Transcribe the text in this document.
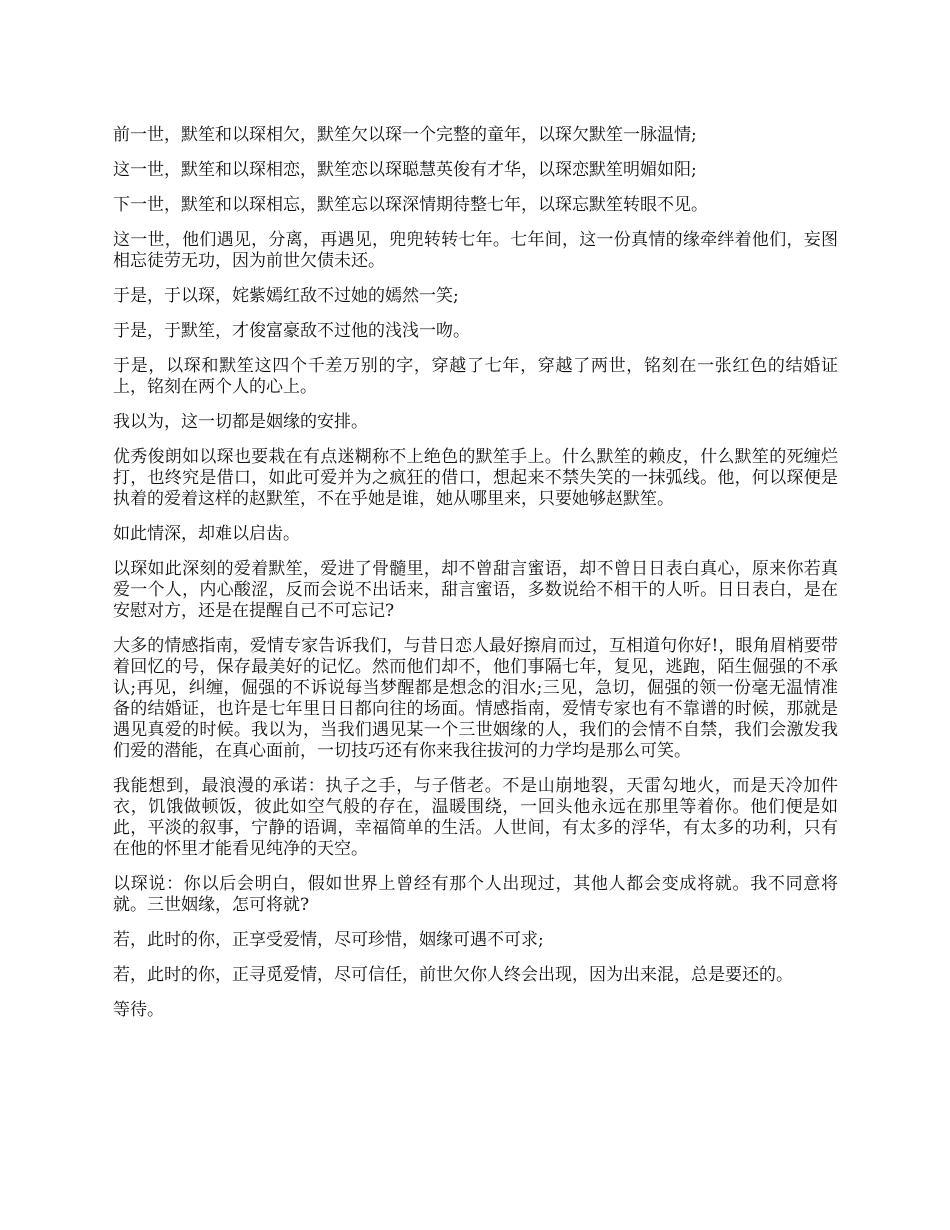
前一世，默笙和以琛相欠，默笙欠以琛一个完整的童年，以琛欠默笙一脉温情;

这一世，默笙和以琛相恋，默笙恋以琛聪慧英俊有才华，以琛恋默笙明媚如阳;

下一世，默笙和以琛相忘，默笙忘以琛深情期待整七年，以琛忘默笙转眼不见。

这一世，他们遇见，分离，再遇见，兜兜转转七年。七年间，这一份真情的缘牵绊着他们，妄图相忘徒劳无功，因为前世欠债未还。

于是，于以琛，姹紫嫣红敌不过她的嫣然一笑;

于是，于默笙，才俊富豪敌不过他的浅浅一吻。

于是，以琛和默笙这四个千差万别的字，穿越了七年，穿越了两世，铭刻在一张红色的结婚证上，铭刻在两个人的心上。

我以为，这一切都是姻缘的安排。

优秀俊朗如以琛也要栽在有点迷糊称不上绝色的默笙手上。什么默笙的赖皮，什么默笙的死缠烂打，也终究是借口，如此可爱并为之疯狂的借口，想起来不禁失笑的一抹弧线。他，何以琛便是执着的爱着这样的赵默笙，不在乎她是谁，她从哪里来，只要她够赵默笙。

如此情深，却难以启齿。

以琛如此深刻的爱着默笙，爱进了骨髓里，却不曾甜言蜜语，却不曾日日表白真心，原来你若真爱一个人，内心酸涩，反而会说不出话来，甜言蜜语，多数说给不相干的人听。日日表白，是在安慰对方，还是在提醒自己不可忘记?

大多的情感指南，爱情专家告诉我们，与昔日恋人最好擦肩而过，互相道句你好!，眼角眉梢要带着回忆的号，保存最美好的记忆。然而他们却不，他们事隔七年，复见，逃跑，陌生倔强的不承认;再见，纠缠，倔强的不诉说每当梦醒都是想念的泪水;三见，急切，倔强的领一份毫无温情准备的结婚证，也许是七年里日日都向往的场面。情感指南，爱情专家也有不靠谱的时候，那就是遇见真爱的时候。我以为，当我们遇见某一个三世姻缘的人，我们的会情不自禁，我们会激发我们爱的潜能，在真心面前，一切技巧还有你来我往拔河的力学均是那么可笑。

我能想到，最浪漫的承诺：执子之手，与子偕老。不是山崩地裂，天雷勾地火，而是天冷加件衣，饥饿做顿饭，彼此如空气般的存在，温暖围绕，一回头他永远在那里等着你。他们便是如此，平淡的叙事，宁静的语调，幸福简单的生活。人世间，有太多的浮华，有太多的功利，只有在他的怀里才能看见纯净的天空。

以琛说：你以后会明白，假如世界上曾经有那个人出现过，其他人都会变成将就。我不同意将就。三世姻缘，怎可将就?

若，此时的你，正享受爱情，尽可珍惜，姻缘可遇不可求;

若，此时的你，正寻觅爱情，尽可信任，前世欠你人终会出现，因为出来混，总是要还的。

等待。
